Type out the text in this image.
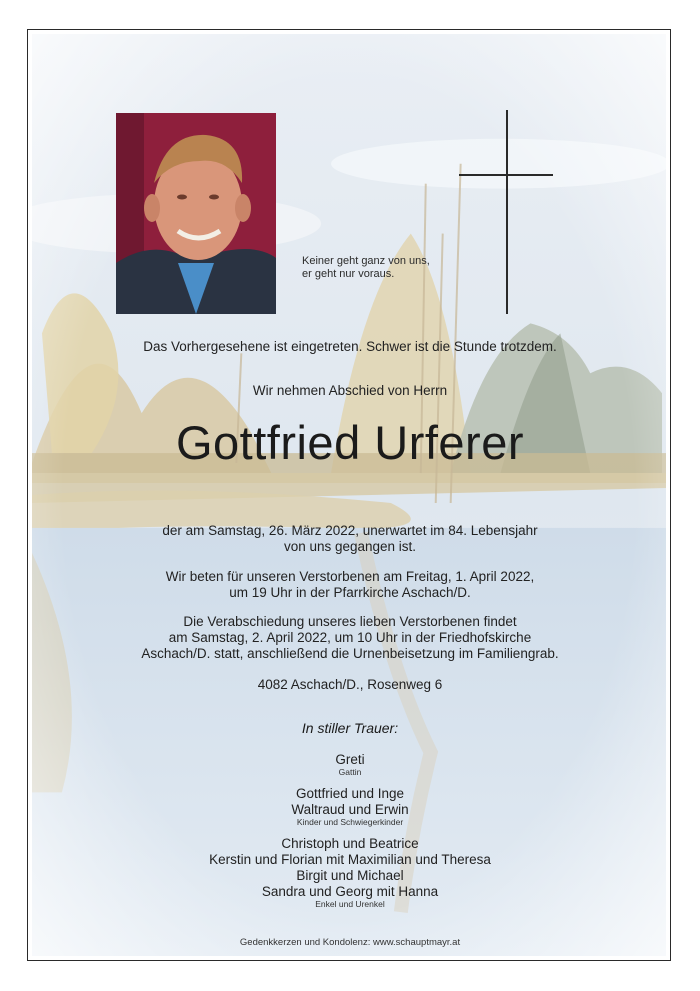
Keiner geht ganz von uns,
er geht nur voraus.
Das Vorhergesehene ist eingetreten. Schwer ist die Stunde trotzdem.
Wir nehmen Abschied von Herrn
Gottfried Urferer
der am Samstag, 26. März 2022, unerwartet im 84. Lebensjahr
von uns gegangen ist.
Wir beten für unseren Verstorbenen am Freitag, 1. April 2022,
um 19 Uhr in der Pfarrkirche Aschach/D.
Die Verabschiedung unseres lieben Verstorbenen findet
am Samstag, 2. April 2022, um 10 Uhr in der Friedhofskirche
Aschach/D. statt, anschließend die Urnenbeisetzung im Familiengrab.
4082 Aschach/D., Rosenweg 6
In stiller Trauer:
Greti
Gattin
Gottfried und Inge
Waltraud und Erwin
Kinder und Schwiegerkinder
Christoph und Beatrice
Kerstin und Florian mit Maximilian und Theresa
Birgit und Michael
Sandra und Georg mit Hanna
Enkel und Urenkel
Gedenkkerzen und Kondolenz: www.schauptmayr.at
